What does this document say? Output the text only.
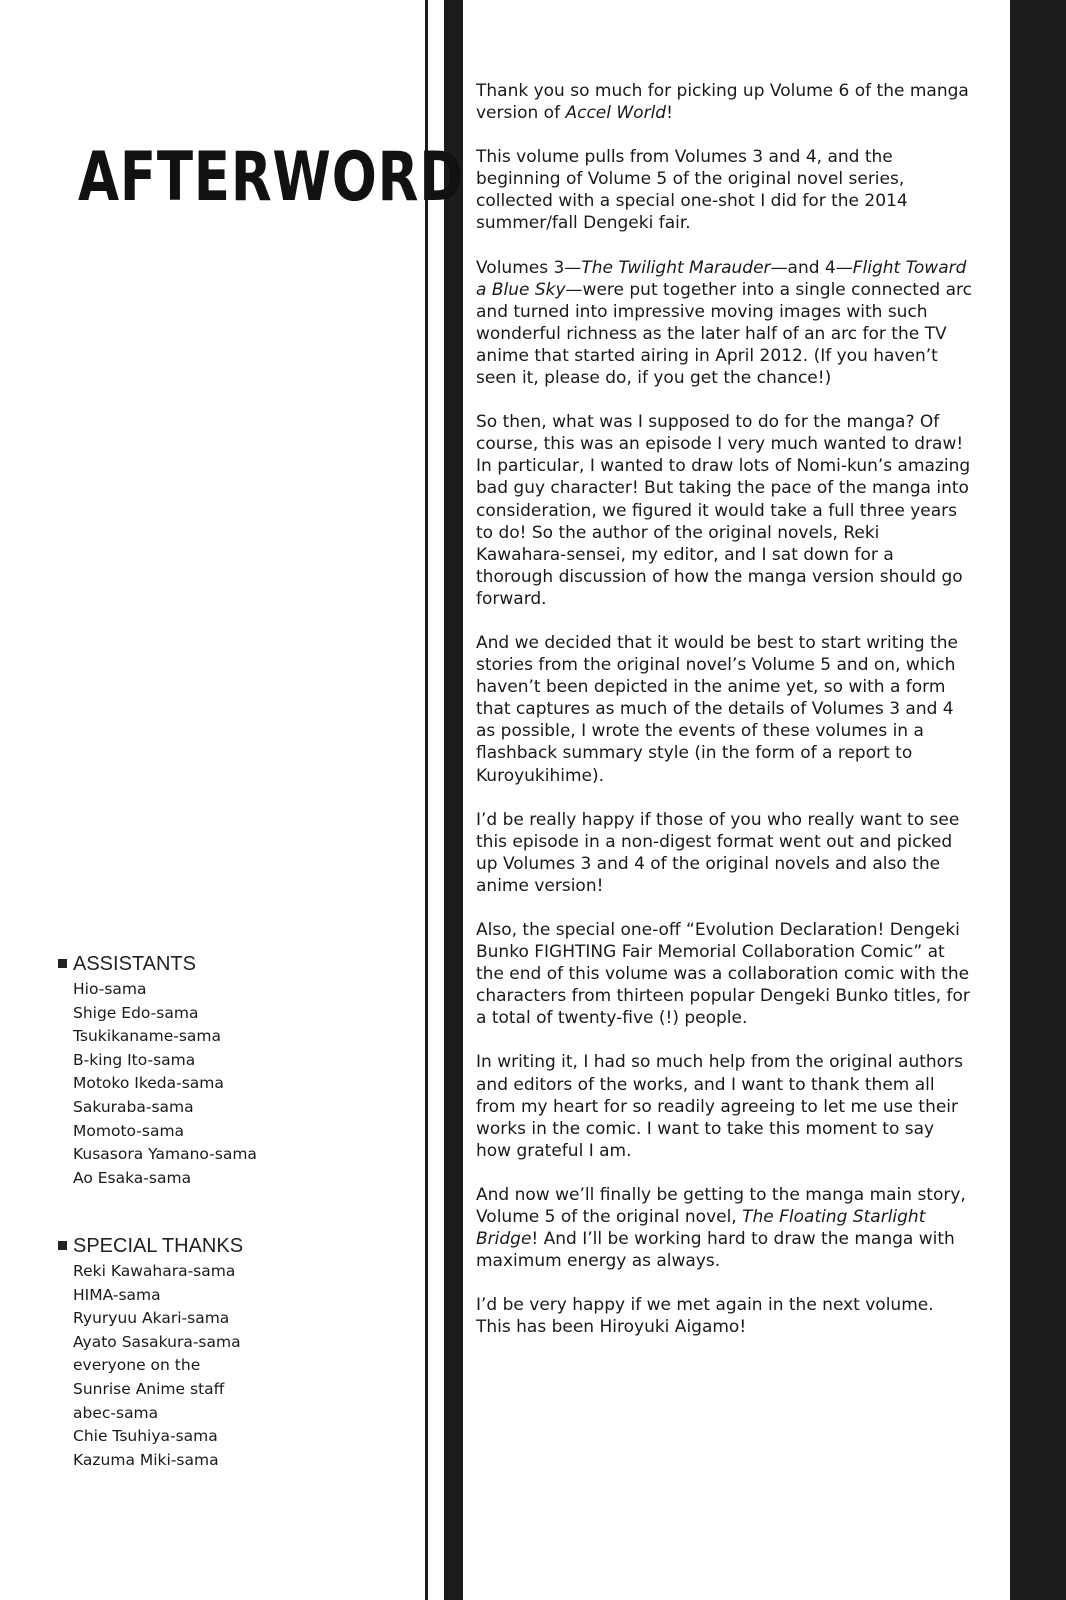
AFTERWORD
ASSISTANTS
Hio-sama
Shige Edo-sama
Tsukikaname-sama
B-king Ito-sama
Motoko Ikeda-sama
Sakuraba-sama
Momoto-sama
Kusasora Yamano-sama
Ao Esaka-sama
SPECIAL THANKS
Reki Kawahara-sama
HIMA-sama
Ryuryuu Akari-sama
Ayato Sasakura-sama
everyone on the
Sunrise Anime staff
abec-sama
Chie Tsuhiya-sama
Kazuma Miki-sama

Thank you so much for picking up Volume 6 of the manga version of Accel World!

This volume pulls from Volumes 3 and 4, and the beginning of Volume 5 of the original novel series, collected with a special one-shot I did for the 2014 summer/fall Dengeki fair.

Volumes 3—The Twilight Marauder—and 4—Flight Toward a Blue Sky—were put together into a single connected arc and turned into impressive moving images with such wonderful richness as the later half of an arc for the TV anime that started airing in April 2012. (If you haven’t seen it, please do, if you get the chance!)

So then, what was I supposed to do for the manga? Of course, this was an episode I very much wanted to draw! In particular, I wanted to draw lots of Nomi-kun’s amazing bad guy character! But taking the pace of the manga into consideration, we figured it would take a full three years to do! So the author of the original novels, Reki Kawahara-sensei, my editor, and I sat down for a thorough discussion of how the manga version should go forward.

And we decided that it would be best to start writing the stories from the original novel’s Volume 5 and on, which haven’t been depicted in the anime yet, so with a form that captures as much of the details of Volumes 3 and 4 as possible, I wrote the events of these volumes in a flashback summary style (in the form of a report to Kuroyukihime).

I’d be really happy if those of you who really want to see this episode in a non-digest format went out and picked up Volumes 3 and 4 of the original novels and also the anime version!

Also, the special one-off “Evolution Declaration! Dengeki Bunko FIGHTING Fair Memorial Collaboration Comic” at the end of this volume was a collaboration comic with the characters from thirteen popular Dengeki Bunko titles, for a total of twenty-five (!) people.

In writing it, I had so much help from the original authors and editors of the works, and I want to thank them all from my heart for so readily agreeing to let me use their works in the comic. I want to take this moment to say how grateful I am.

And now we’ll finally be getting to the manga main story, Volume 5 of the original novel, The Floating Starlight Bridge! And I’ll be working hard to draw the manga with maximum energy as always.

I’d be very happy if we met again in the next volume. This has been Hiroyuki Aigamo!
